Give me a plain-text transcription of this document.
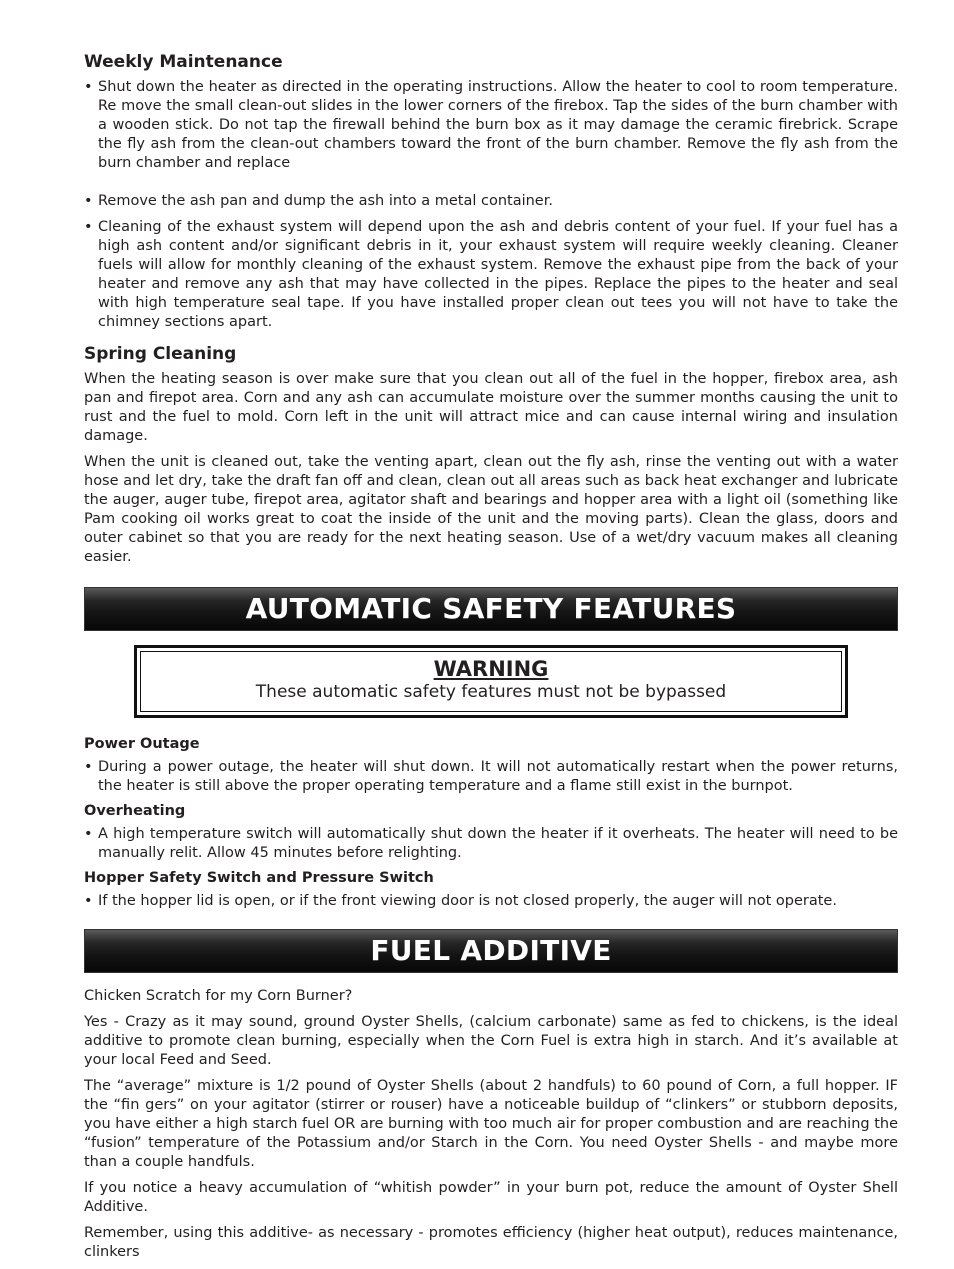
Weekly Maintenance
• Shut down the heater as directed in the operating instructions. Allow the heater to cool to room temperature. Re move the small clean-out slides in the lower corners of the firebox. Tap the sides of the burn chamber with a wooden stick. Do not tap the firewall behind the burn box as it may damage the ceramic firebrick. Scrape the fly ash from the clean-out chambers toward the front of the burn chamber. Remove the fly ash from the burn chamber and replace
• Remove the ash pan and dump the ash into a metal container.
• Cleaning of the exhaust system will depend upon the ash and debris content of your fuel. If your fuel has a high ash content and/or significant debris in it, your exhaust system will require weekly cleaning. Cleaner fuels will allow for monthly cleaning of the exhaust system. Remove the exhaust pipe from the back of your heater and remove any ash that may have collected in the pipes. Replace the pipes to the heater and seal with high temperature seal tape. If you have installed proper clean out tees you will not have to take the chimney sections apart.
Spring Cleaning
When the heating season is over make sure that you clean out all of the fuel in the hopper, firebox area, ash pan and firepot area. Corn and any ash can accumulate moisture over the summer months causing the unit to rust and the fuel to mold. Corn left in the unit will attract mice and can cause internal wiring and insulation damage.
When the unit is cleaned out, take the venting apart, clean out the fly ash, rinse the venting out with a water hose and let dry, take the draft fan off and clean, clean out all areas such as back heat exchanger and lubricate the auger, auger tube, firepot area, agitator shaft and bearings and hopper area with a light oil (something like Pam cooking oil works great to coat the inside of the unit and the moving parts). Clean the glass, doors and outer cabinet so that you are ready for the next heating season. Use of a wet/dry vacuum makes all cleaning easier.
AUTOMATIC SAFETY FEATURES
WARNING
These automatic safety features must not be bypassed
Power Outage
• During a power outage, the heater will shut down. It will not automatically restart when the power returns, the heater is still above the proper operating temperature and a flame still exist in the burnpot.
Overheating
• A high temperature switch will automatically shut down the heater if it overheats. The heater will need to be manually relit. Allow 45 minutes before relighting.
Hopper Safety Switch and Pressure Switch
• If the hopper lid is open, or if the front viewing door is not closed properly, the auger will not operate.
FUEL ADDITIVE
Chicken Scratch for my Corn Burner?
Yes - Crazy as it may sound, ground Oyster Shells, (calcium carbonate) same as fed to chickens, is the ideal additive to promote clean burning, especially when the Corn Fuel is extra high in starch. And it’s available at your local Feed and Seed.
The “average” mixture is 1/2 pound of Oyster Shells (about 2 handfuls) to 60 pound of Corn, a full hopper. IF the “fin gers” on your agitator (stirrer or rouser) have a noticeable buildup of “clinkers” or stubborn deposits, you have either a high starch fuel OR are burning with too much air for proper combustion and are reaching the “fusion” temperature of the Potassium and/or Starch in the Corn. You need Oyster Shells - and maybe more than a couple handfuls.
If you notice a heavy accumulation of “whitish powder” in your burn pot, reduce the amount of Oyster Shell Additive.
Remember, using this additive- as necessary - promotes efficiency (higher heat output), reduces maintenance, clinkers
